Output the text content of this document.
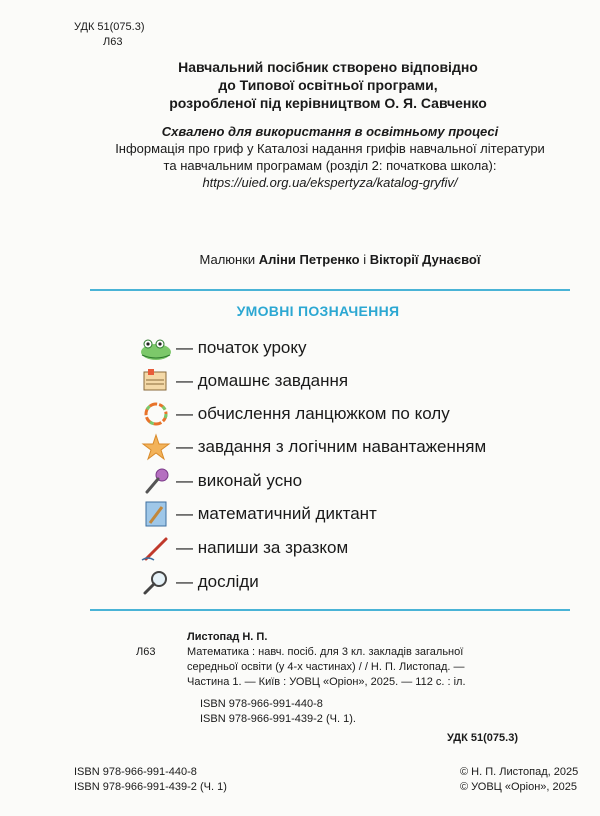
УДК 51(075.3)
Л63
Навчальний посібник створено відповідно
до Типової освітньої програми,
розробленої під керівництвом О. Я. Савченко
Схвалено для використання в освітньому процесі
Інформація про гриф у Каталозі надання грифів навчальної літератури
та навчальним програмам (розділ 2: початкова школа):
https://uied.org.ua/ekspertyza/katalog-gryfiv/
Малюнки Аліни Петренко і Вікторії Дунаєвої
УМОВНІ ПОЗНАЧЕННЯ
— початок уроку
— домашнє завдання
— обчислення ланцюжком по колу
— завдання з логічним навантаженням
— виконай усно
— математичний диктант
— напиши за зразком
— досліди
Листопад Н. П.
Л63	Математика : навч. посіб. для 3 кл. закладів загальної
середньої освіти (у 4-х частинах) / / Н. П. Листопад. —
Частина 1. — Київ : УОВЦ «Оріон», 2025. — 112 с. : іл.
ISBN 978-966-991-440-8
ISBN 978-966-991-439-2 (Ч. 1).
УДК 51(075.3)
ISBN 978-966-991-440-8
ISBN 978-966-991-439-2 (Ч. 1)
© Н. П. Листопад, 2025
© УОВЦ «Оріон», 2025
